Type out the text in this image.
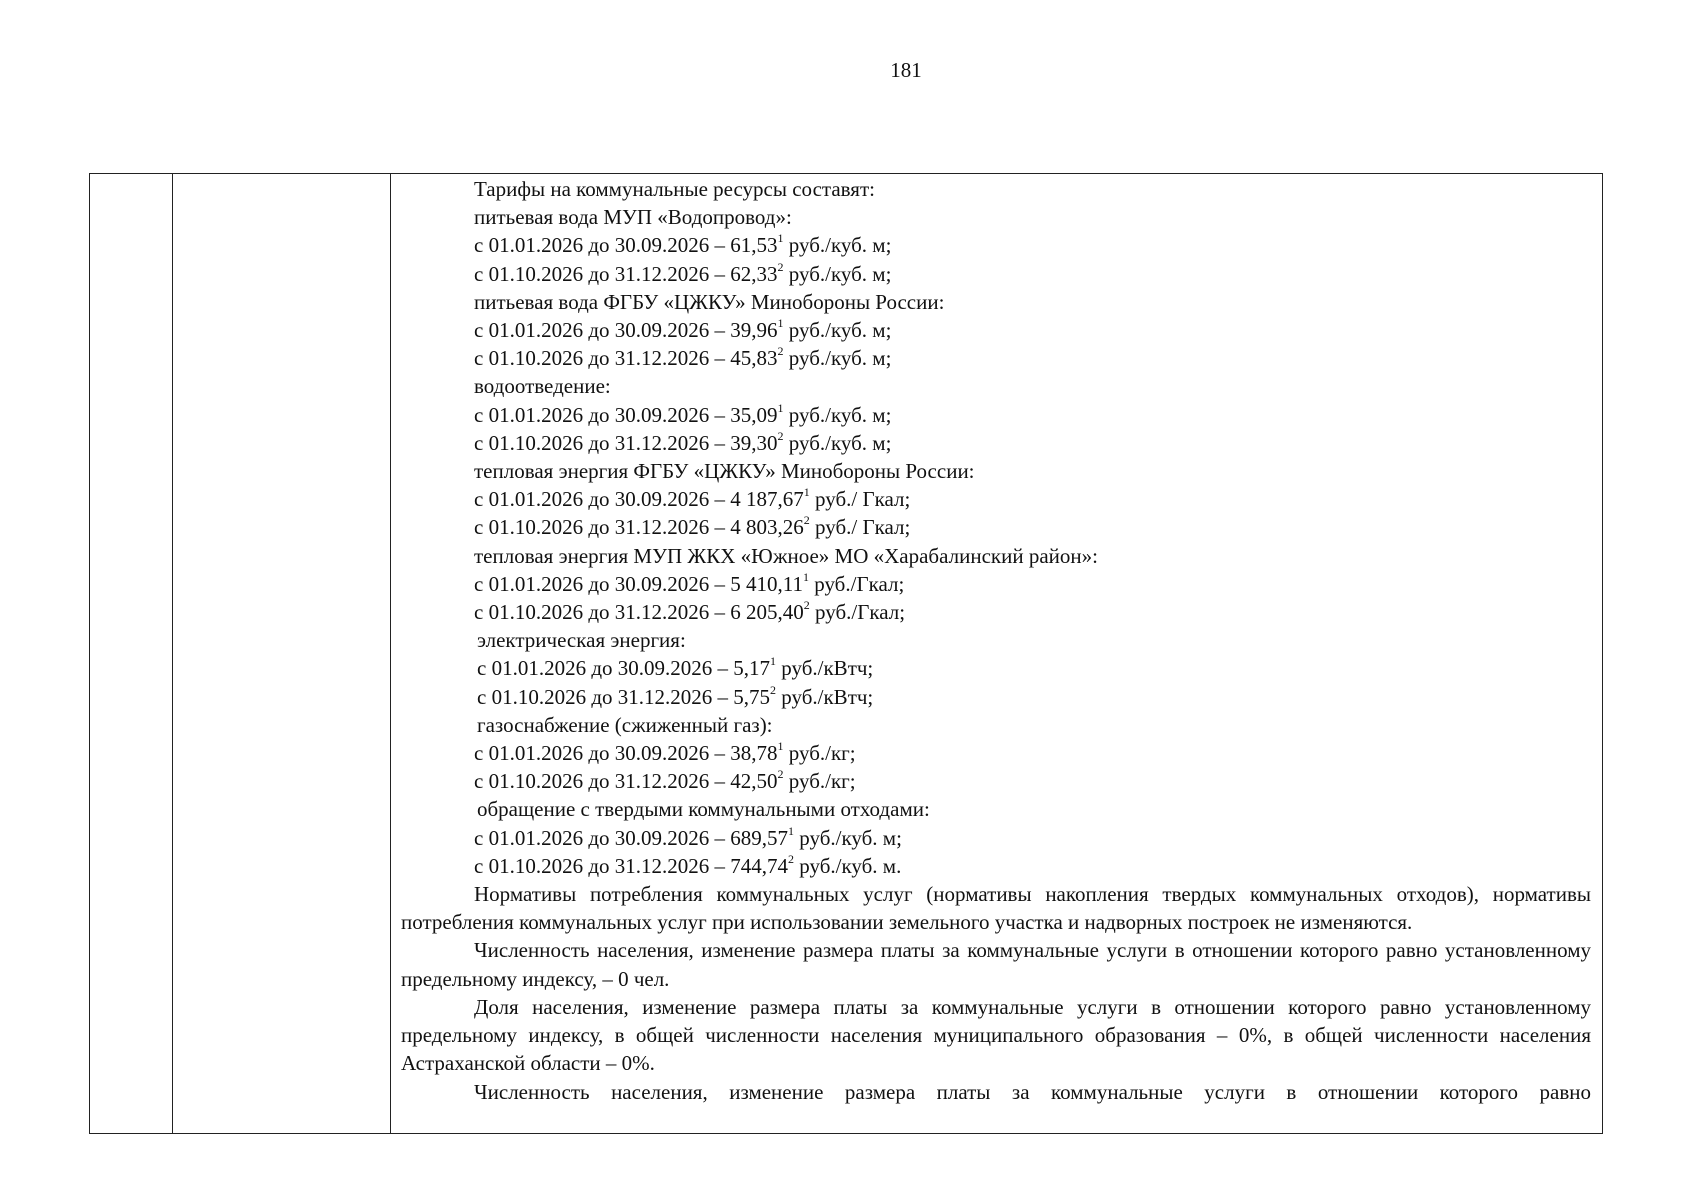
181
Тарифы на коммунальные ресурсы составят:
питьевая вода МУП «Водопровод»:
с 01.01.2026 до 30.09.2026 – 61,53$^1$ руб./куб. м;
с 01.10.2026 до 31.12.2026 – 62,33$^2$ руб./куб. м;
питьевая вода ФГБУ «ЦЖКУ» Минобороны России:
с 01.01.2026 до 30.09.2026 – 39,96$^1$ руб./куб. м;
с 01.10.2026 до 31.12.2026 – 45,83$^2$ руб./куб. м;
водоотведение:
с 01.01.2026 до 30.09.2026 – 35,09$^1$ руб./куб. м;
с 01.10.2026 до 31.12.2026 – 39,30$^2$ руб./куб. м;
тепловая энергия ФГБУ «ЦЖКУ» Минобороны России:
с 01.01.2026 до 30.09.2026 – 4 187,67$^1$ руб./ Гкал;
с 01.10.2026 до 31.12.2026 – 4 803,26$^2$ руб./ Гкал;
тепловая энергия МУП ЖКХ «Южное» МО «Харабалинский район»:
с 01.01.2026 до 30.09.2026 – 5 410,11$^1$ руб./Гкал;
с 01.10.2026 до 31.12.2026 – 6 205,40$^2$ руб./Гкал;
электрическая энергия:
с 01.01.2026 до 30.09.2026 – 5,17$^1$ руб./кВтч;
с 01.10.2026 до 31.12.2026 – 5,75$^2$ руб./кВтч;
газоснабжение (сжиженный газ):
с 01.01.2026 до 30.09.2026 – 38,78$^1$ руб./кг;
с 01.10.2026 до 31.12.2026 – 42,50$^2$ руб./кг;
обращение с твердыми коммунальными отходами:
с 01.01.2026 до 30.09.2026 – 689,57$^1$ руб./куб. м;
с 01.10.2026 до 31.12.2026 – 744,74$^2$ руб./куб. м.
Нормативы потребления коммунальных услуг (нормативы накопления твердых коммунальных отходов), нормативы потребления коммунальных услуг при использовании земельного участка и надворных построек не изменяются.
Численность населения, изменение размера платы за коммунальные услуги в отношении которого равно установленному предельному индексу, – 0 чел.
Доля населения, изменение размера платы за коммунальные услуги в отношении которого равно установленному предельному индексу, в общей численности населения муниципального образования – 0%, в общей численности населения Астраханской области – 0%.
Численность населения, изменение размера платы за коммунальные услуги в отношении которого равно
